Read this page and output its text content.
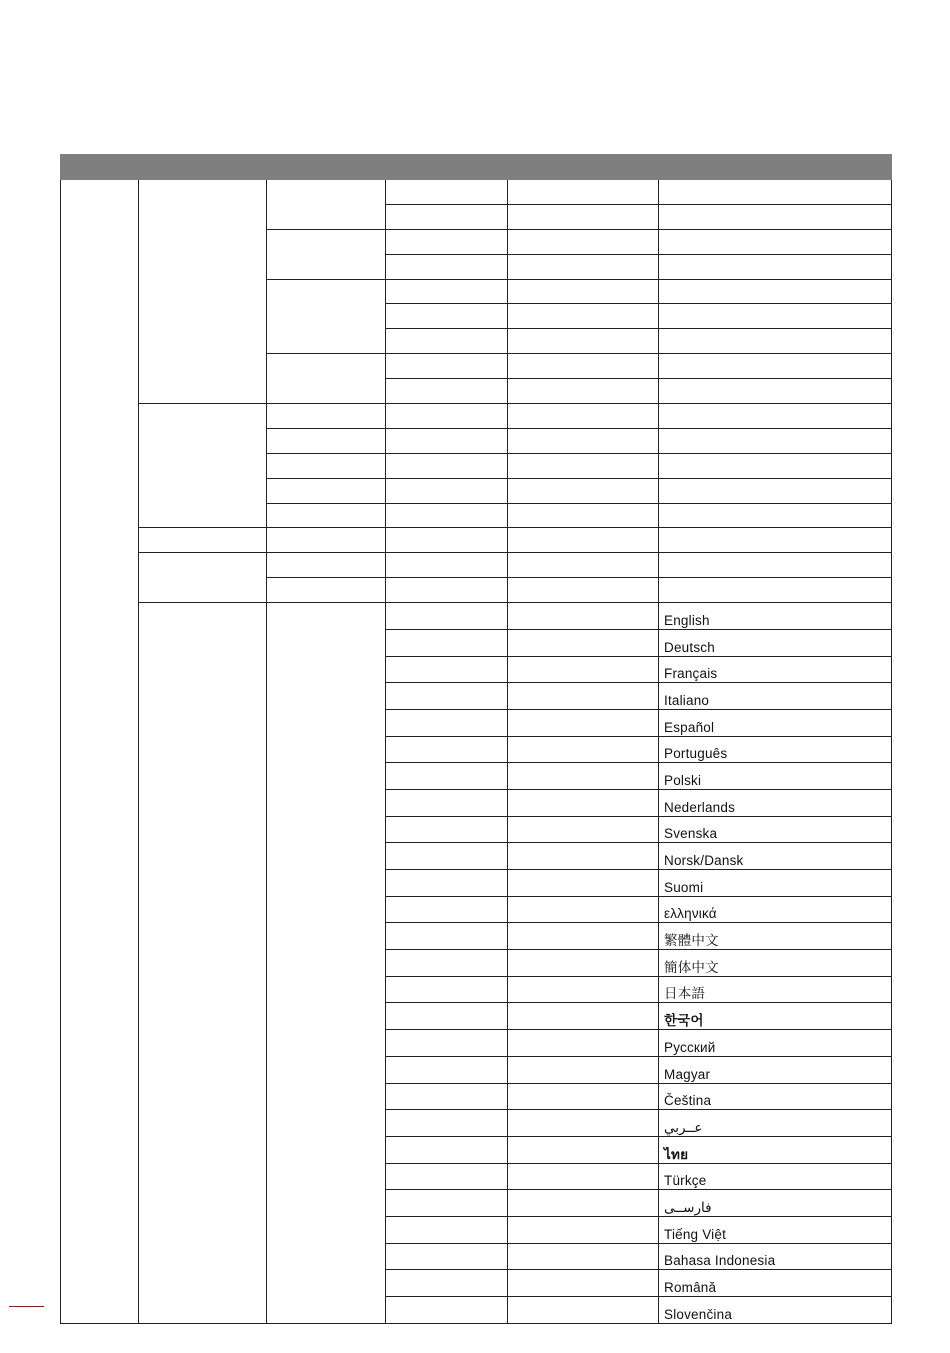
					English
					Deutsch
					Français
					Italiano
					Español
					Português
					Polski
					Nederlands
					Svenska
					Norsk/Dansk
					Suomi
					ελληνικά
					繁體中文
					簡体中文
					日本語
					한국어
					Русский
					Magyar
					Čeština
					عــربي
					ไทย
					Türkçe
					فارســی
					Tiếng Việt
					Bahasa Indonesia
					Română
					Slovenčina
